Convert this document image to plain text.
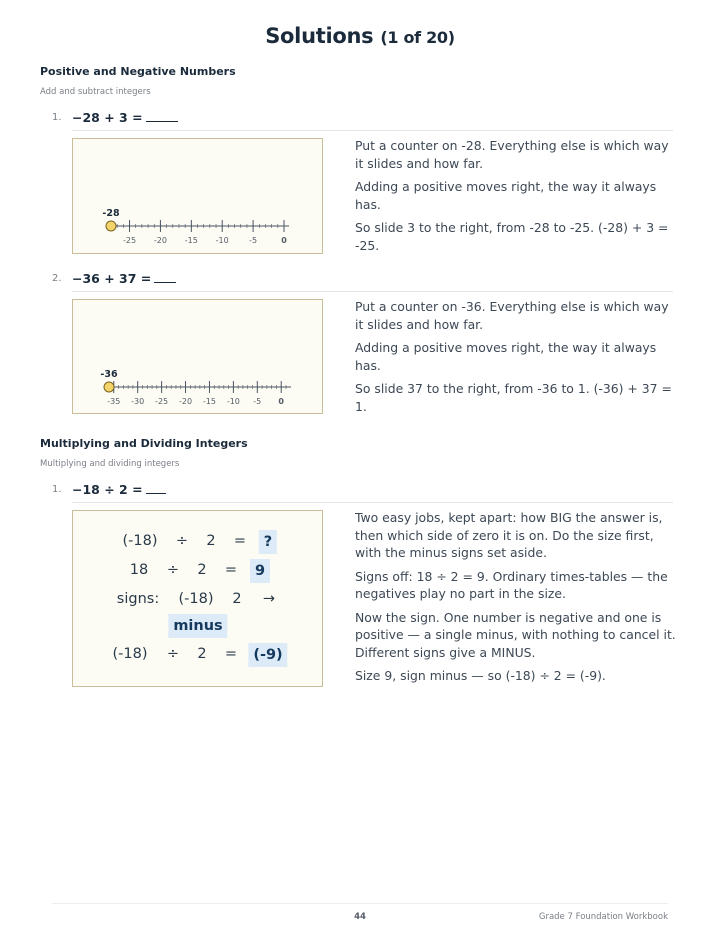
Solutions (1 of 20)
Positive and Negative Numbers
Add and subtract integers
1. −28 + 3 =
-25 -20 -15 -10	-5	0
-28

Put a counter on -28. Everything else is which way it slides and how far.

Adding a positive moves right, the way it always has.

So slide 3 to the right, from -28 to -25. (-28) + 3 = -25.

2. −36 + 37 =
-35 -30 -25 -20 -15 -10 -5 0
-36

Put a counter on -36. Everything else is which way it slides and how far.

Adding a positive moves right, the way it always has.

So slide 37 to the right, from -36 to 1. (-36) + 37 = 1.

Multiplying and Dividing Integers
Multiplying and dividing integers
1. −18 ÷ 2 =
(-18) ÷ 2 =	?
18 ÷ 2 =	9
signs: (-18) 2 →
minus
(-18) ÷ 2 =	(-9)

Two easy jobs, kept apart: how BIG the answer is, then which side of zero it is on. Do the size first, with the minus signs set aside.

Signs off: 18 ÷ 2 = 9. Ordinary times-tables — the negatives play no part in the size.

Now the sign. One number is negative and one is positive — a single minus, with nothing to cancel it. Different signs give a MINUS.

Size 9, sign minus — so (-18) ÷ 2 = (-9).

44	Grade 7 Foundation Workbook
